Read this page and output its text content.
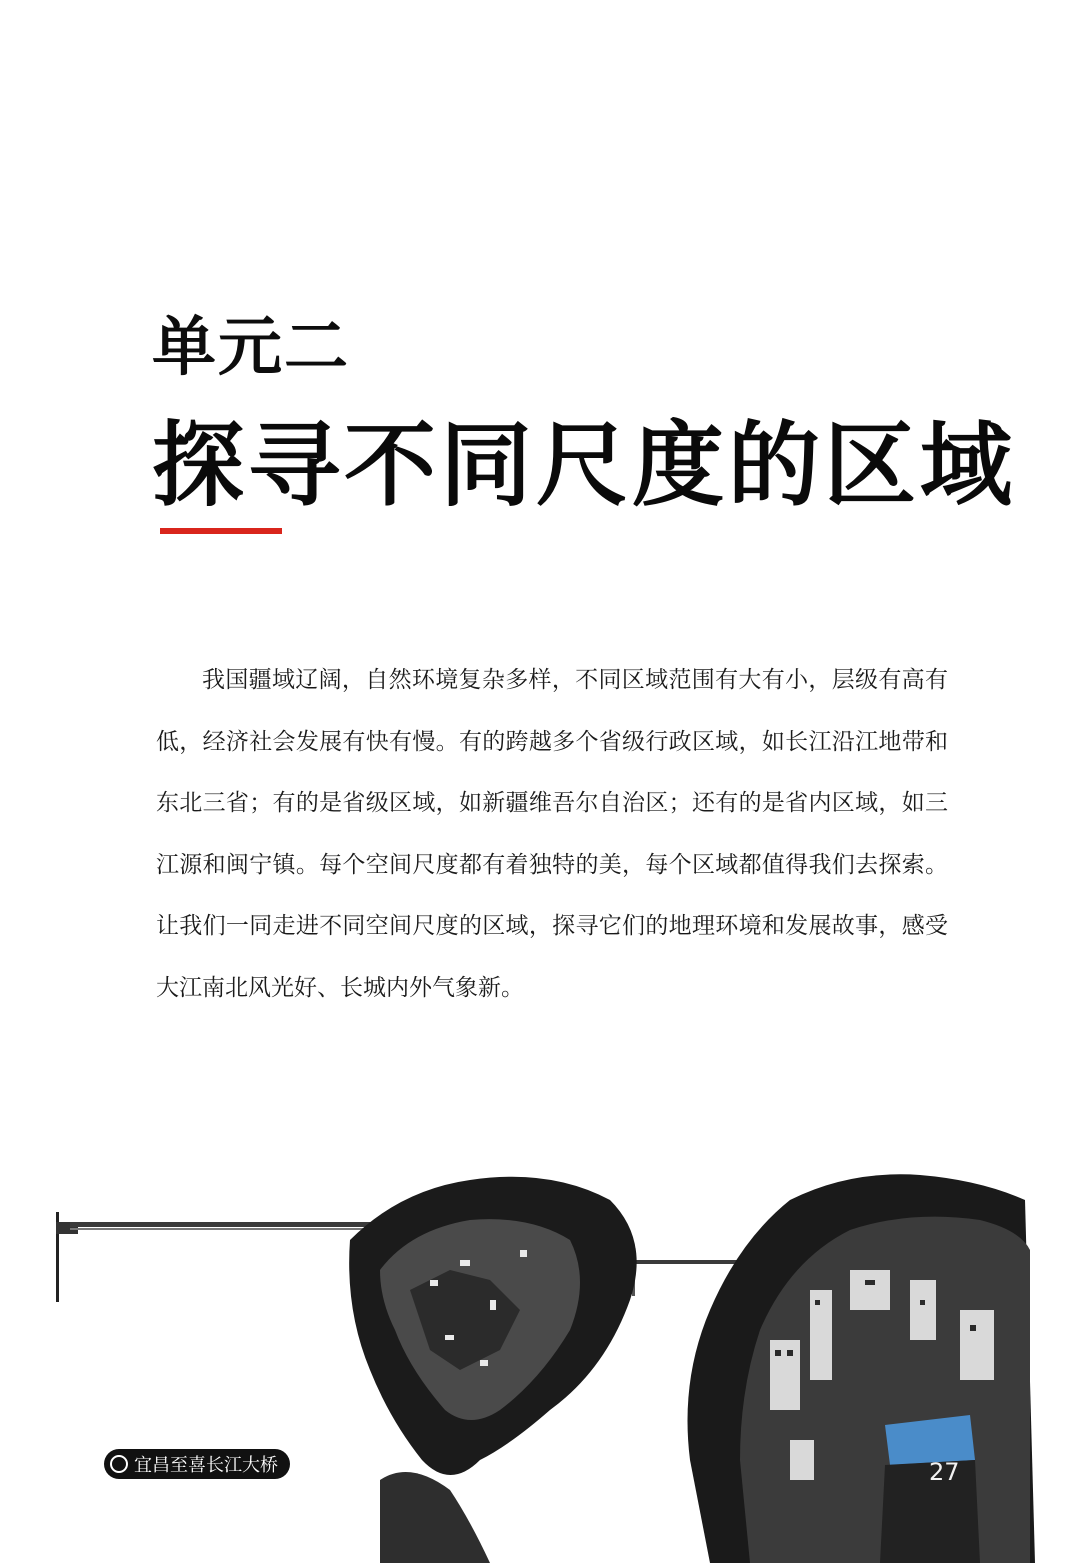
单元二
探寻不同尺度的区域

我国疆域辽阔，自然环境复杂多样，不同区域范围有大有小，层级有高有低，经济社会发展有快有慢。有的跨越多个省级行政区域，如长江沿江地带和东北三省；有的是省级区域，如新疆维吾尔自治区；还有的是省内区域，如三江源和闽宁镇。每个空间尺度都有着独特的美，每个区域都值得我们去探索。让我们一同走进不同空间尺度的区域，探寻它们的地理环境和发展故事，感受大江南北风光好、长城内外气象新。

宜昌至喜长江大桥	27
